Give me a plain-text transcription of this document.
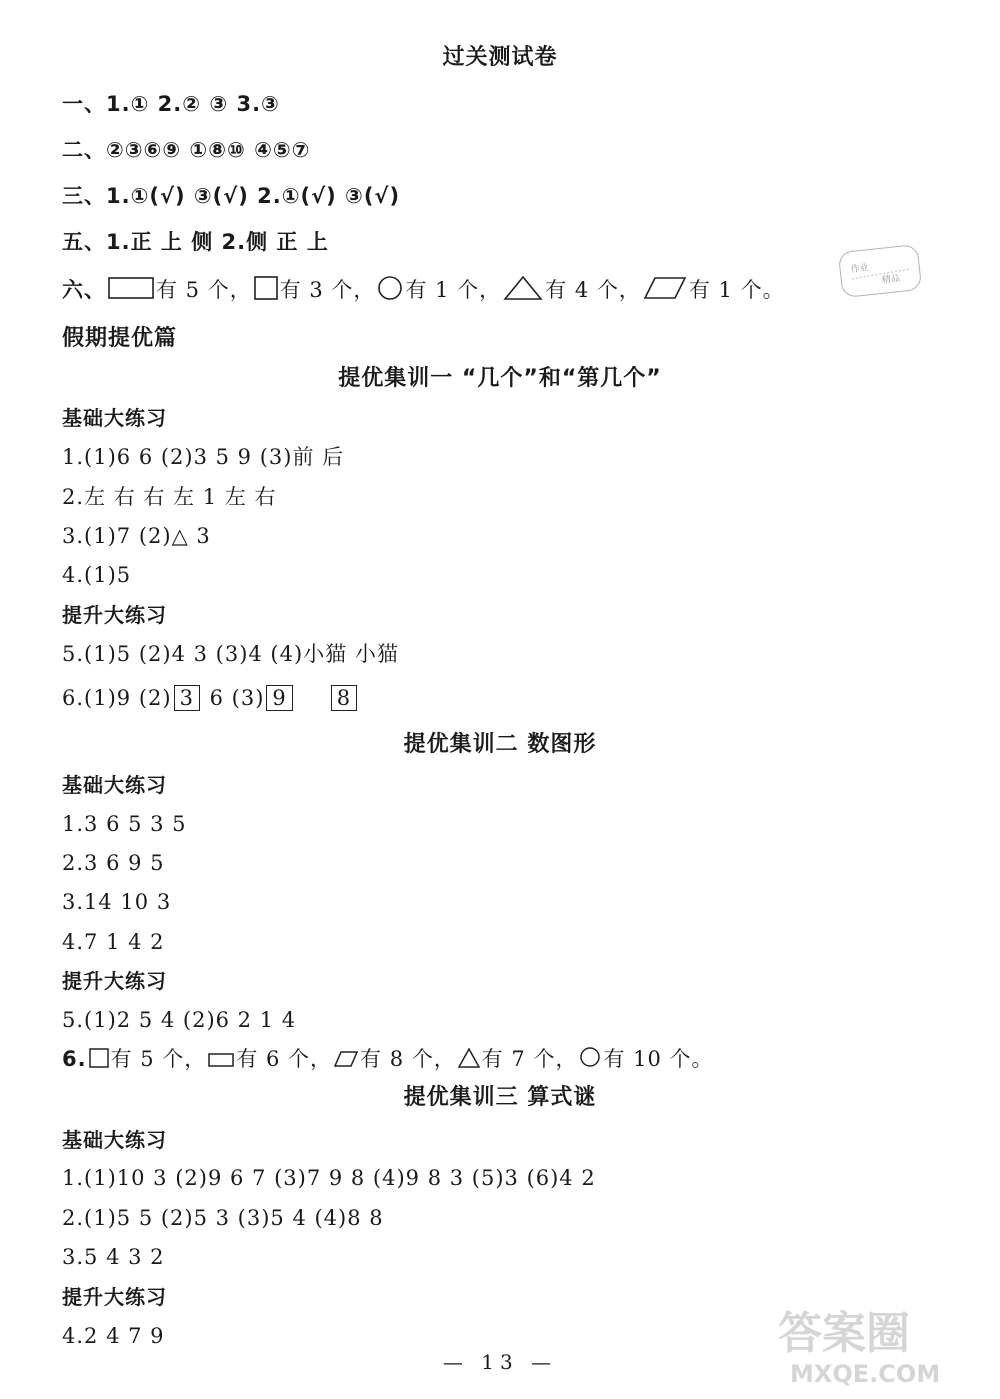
过关测试卷
一、1.① 2.② ③ 3.③
二、②③⑥⑨ ①⑧⑩ ④⑤⑦
三、1.①(√) ③(√) 2.①(√) ③(√)
五、1.正 上 侧 2.侧 正 上
六、 有 5 个， 有 3 个， 有 1 个， 有 4 个， 有 1 个。
作业
精品
假期提优篇
提优集训一 “几个”和“第几个”
基础大练习
1.(1)6 6 (2)3 5 9 (3)前 后
2.左 右 右 左 1 左 右
3.(1)7 (2)△ 3
4.(1)5
提升大练习
5.(1)5 (2)4 3 (3)4 (4)小猫 小猫
6.(1)9 (2) 3 6 (3) 9 8
提优集训二 数图形
基础大练习
1.3 6 5 3 5
2.3 6 9 5
3.14 10 3
4.7 1 4 2
提升大练习
5.(1)2 5 4 (2)6 2 1 4
6. 有 5 个， 有 6 个， 有 8 个， 有 7 个， 有 10 个。
提优集训三 算式谜
基础大练习
1.(1)10 3 (2)9 6 7 (3)7 9 8 (4)9 8 3 (5)3 (6)4 2
2.(1)5 5 (2)5 3 (3)5 4 (4)8 8
3.5 4 3 2
提升大练习
4.2 4 7 9
— 13 —
答案圈
MXQE.COM
